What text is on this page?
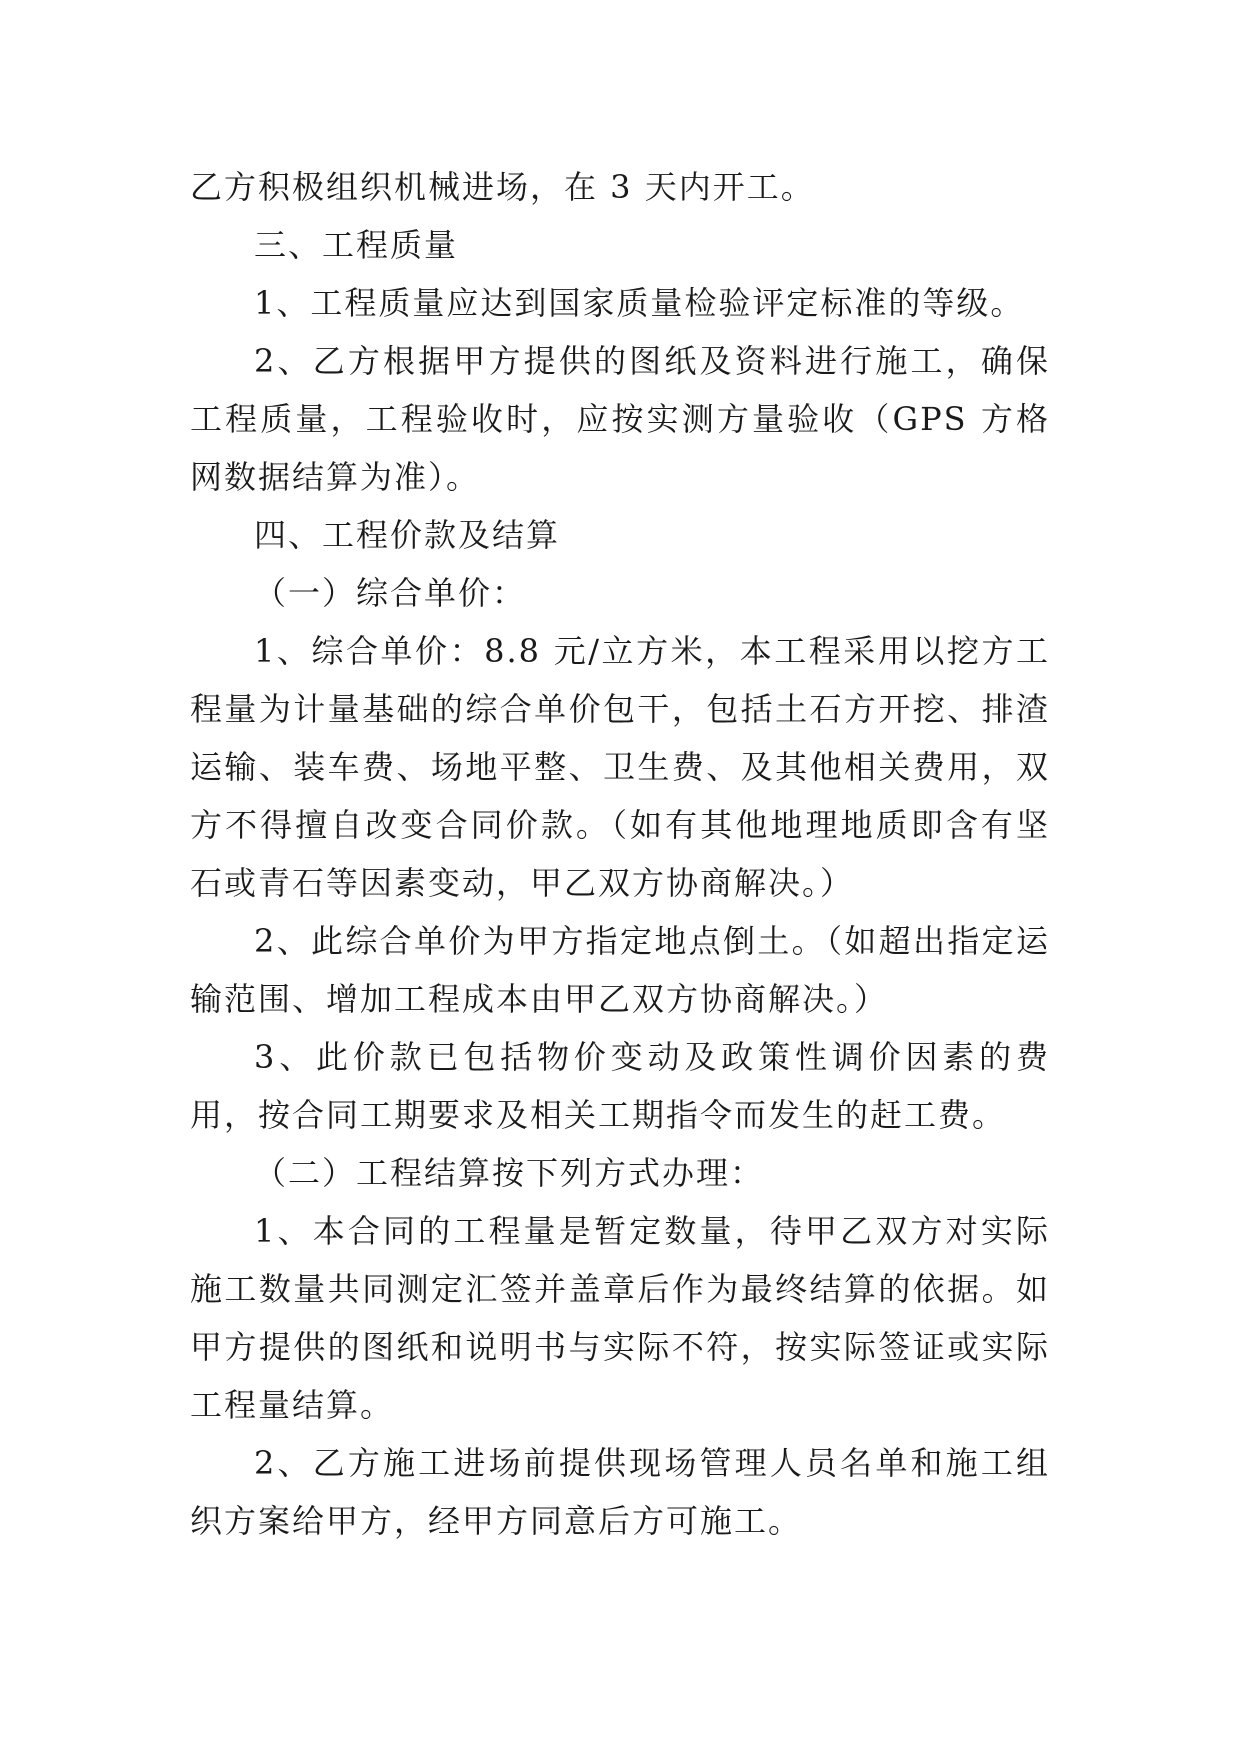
乙方积极组织机械进场，在 3 天内开工。

三、工程质量

1、工程质量应达到国家质量检验评定标准的等级。

2、乙方根据甲方提供的图纸及资料进行施工，确保工程质量，工程验收时，应按实测方量验收（GPS 方格网数据结算为准）。

四、工程价款及结算

（一）综合单价：

1、综合单价：8.8 元/立方米，本工程采用以挖方工程量为计量基础的综合单价包干，包括土石方开挖、排渣运输、装车费、场地平整、卫生费、及其他相关费用，双方不得擅自改变合同价款。（如有其他地理地质即含有坚石或青石等因素变动，甲乙双方协商解决。）

2、此综合单价为甲方指定地点倒土。（如超出指定运输范围、增加工程成本由甲乙双方协商解决。）

3、此价款已包括物价变动及政策性调价因素的费用，按合同工期要求及相关工期指令而发生的赶工费。

（二）工程结算按下列方式办理：

1、本合同的工程量是暂定数量，待甲乙双方对实际施工数量共同测定汇签并盖章后作为最终结算的依据。如甲方提供的图纸和说明书与实际不符，按实际签证或实际工程量结算。

2、乙方施工进场前提供现场管理人员名单和施工组织方案给甲方，经甲方同意后方可施工。
